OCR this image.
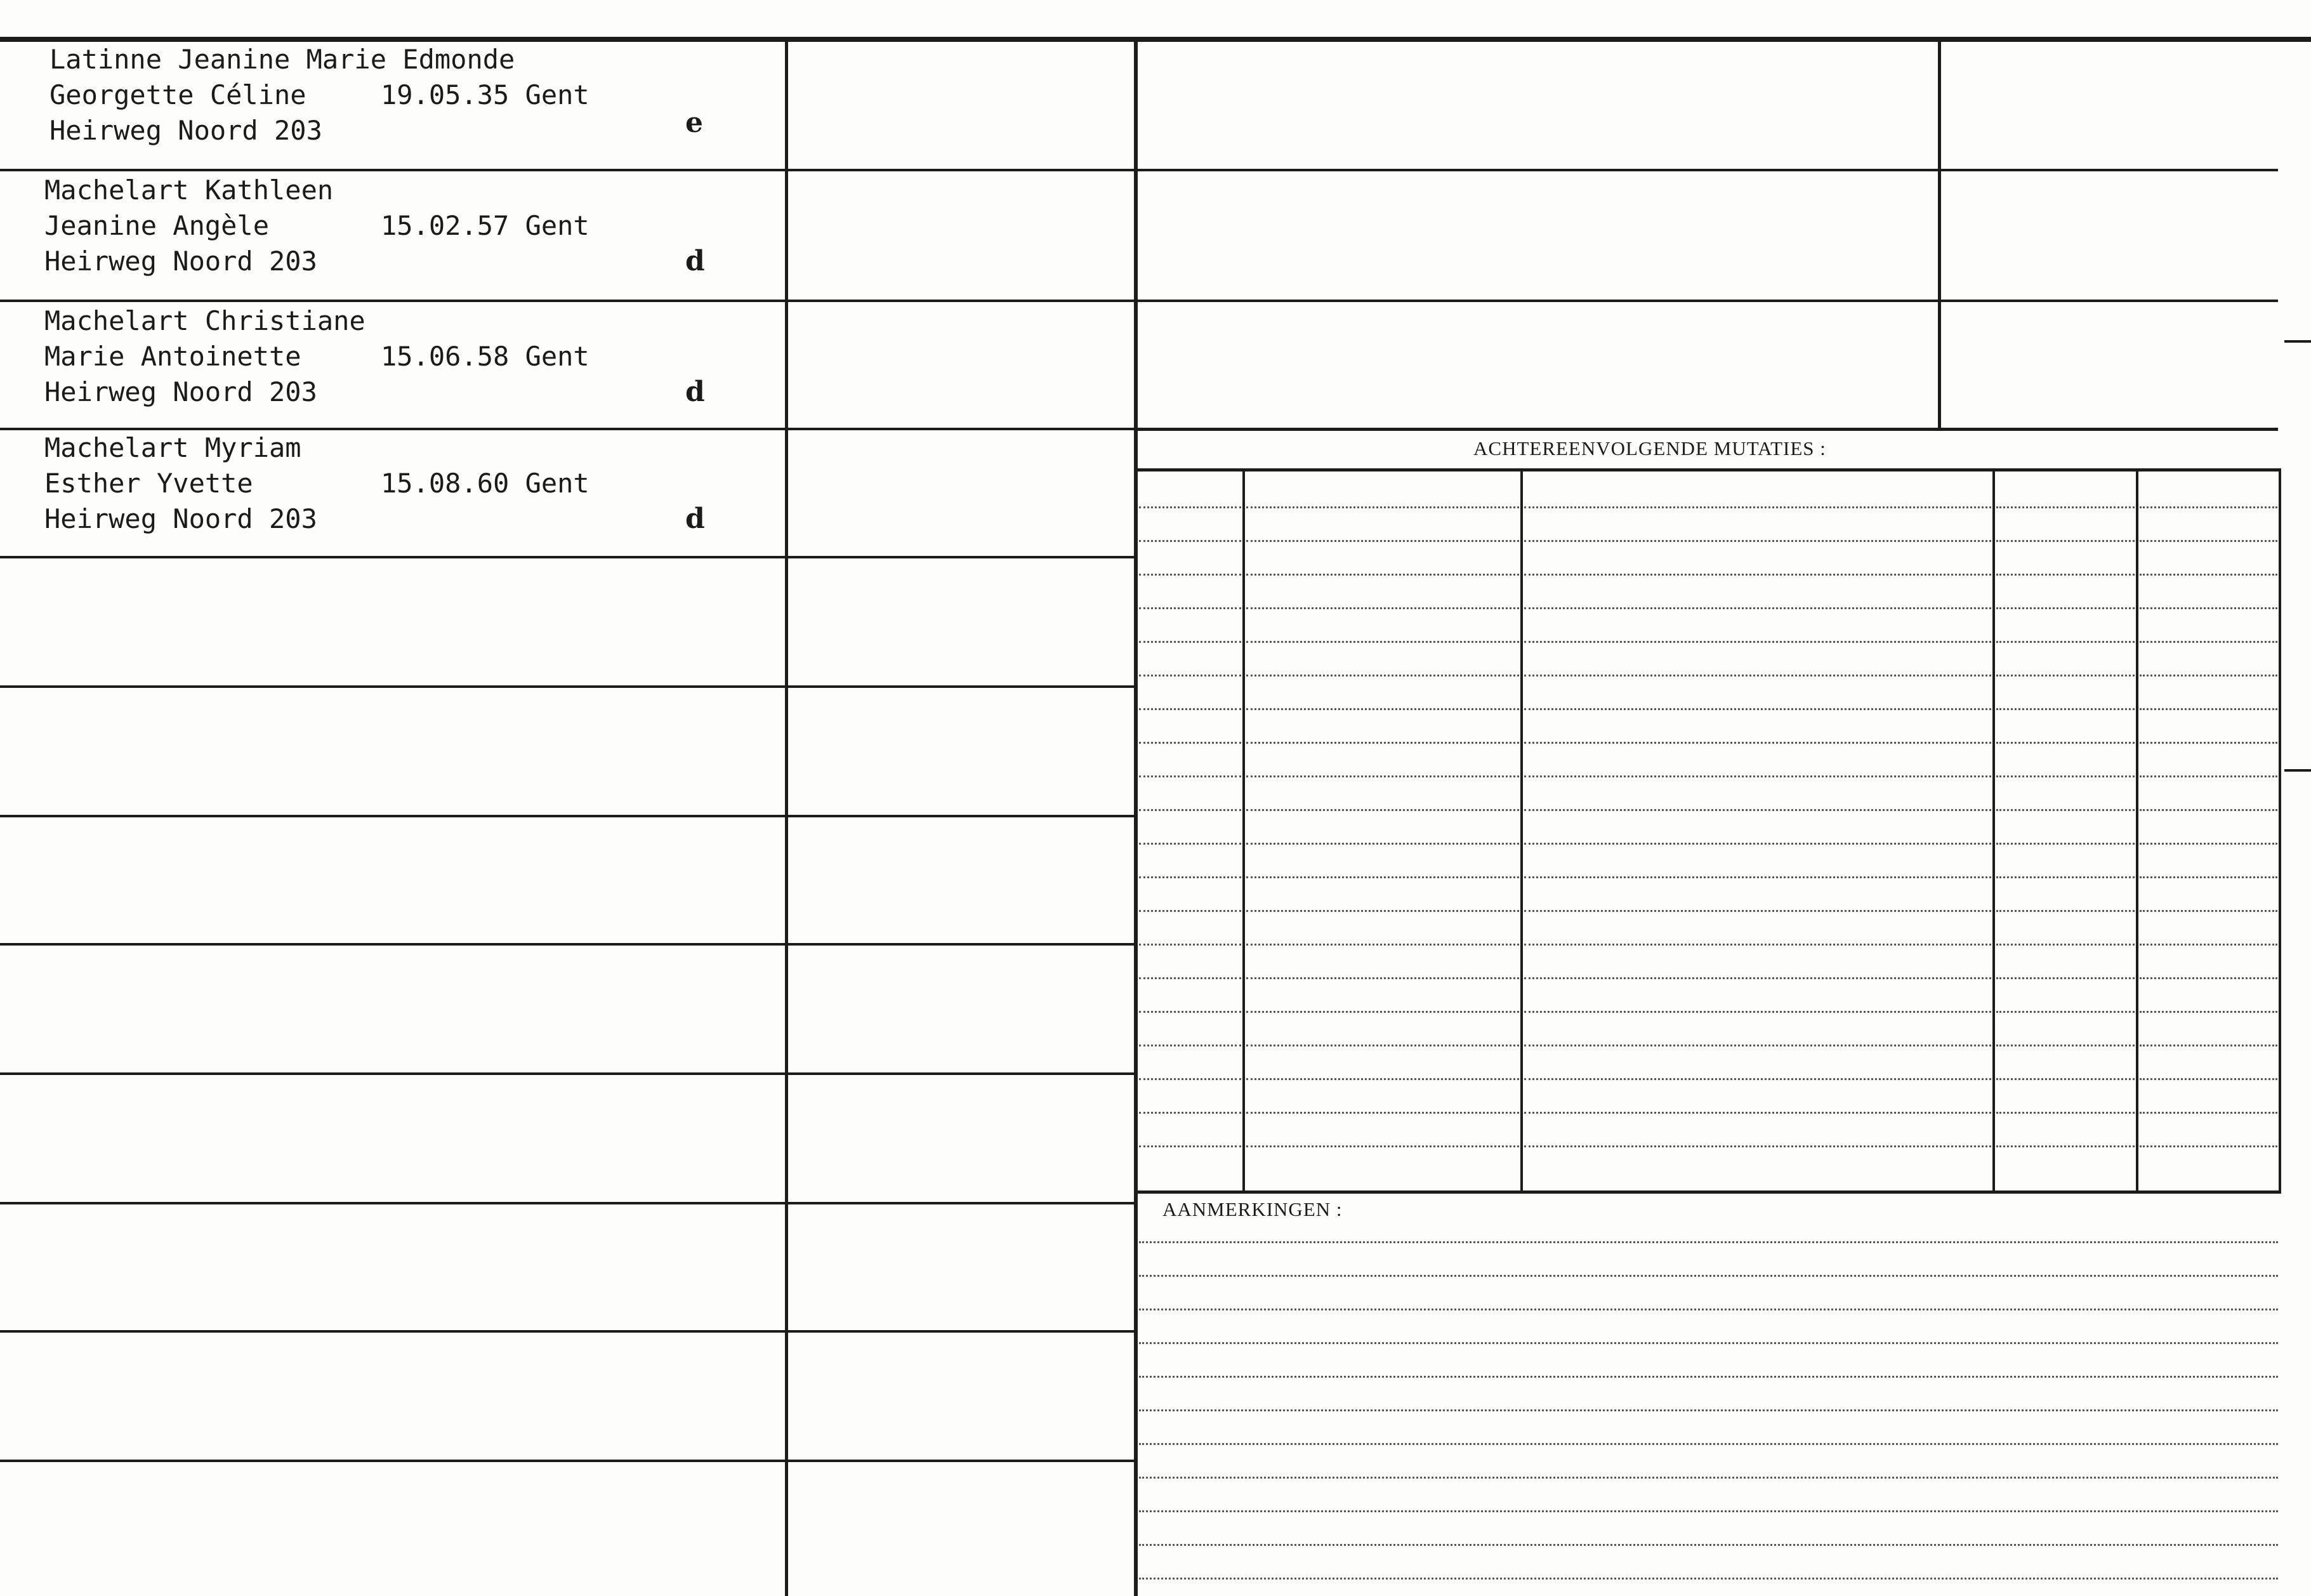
ACHTEREENVOLGENDE MUTATIES :
AANMERKINGEN :
Latinne Jeanine Marie Edmonde
Georgette Céline	19.05.35 Gent
Heirweg Noord 203	e
Machelart Kathleen
Jeanine Angèle	15.02.57 Gent
Heirweg Noord 203	d
Machelart Christiane
Marie Antoinette	15.06.58 Gent
Heirweg Noord 203	d
Machelart Myriam
Esther Yvette	15.08.60 Gent
Heirweg Noord 203	d
